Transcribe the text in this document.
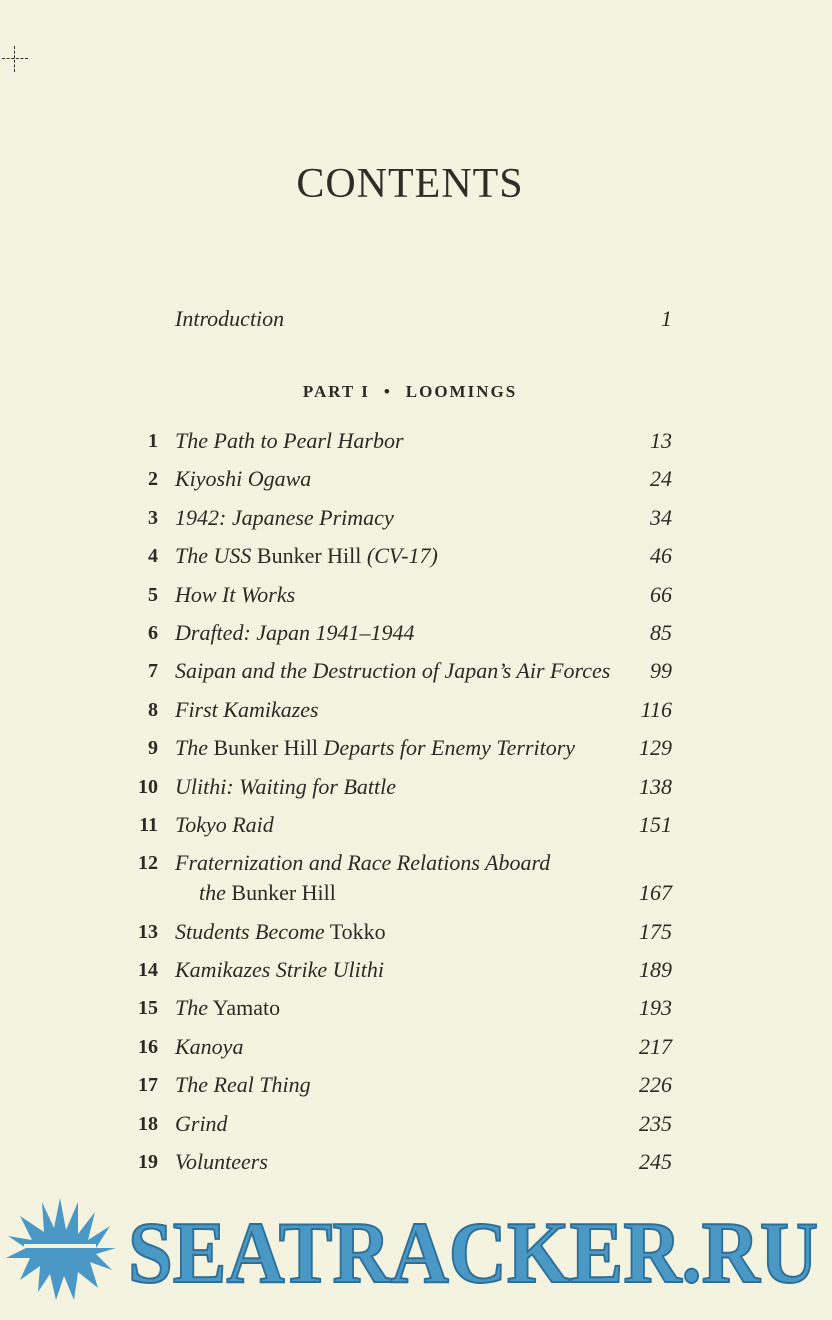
CONTENTS
Introduction	1
PART I • LOOMINGS
1 The Path to Pearl Harbor	13
2 Kiyoshi Ogawa	24
3 1942: Japanese Primacy	34
4 The USS Bunker Hill (CV-17)	46
5 How It Works	66
6 Drafted: Japan 1941–1944	85
7 Saipan and the Destruction of Japan’s Air Forces	99
8 First Kamikazes	116
9 The Bunker Hill Departs for Enemy Territory	129
10 Ulithi: Waiting for Battle	138
11 Tokyo Raid	151
12 Fraternization and Race Relations Aboard
the Bunker Hill	167
13 Students Become Tokko	175
14 Kamikazes Strike Ulithi	189
15 The Yamato	193
16 Kanoya	217
17 The Real Thing	226
18 Grind	235
19 Volunteers	245
SEATRACKER.RU
